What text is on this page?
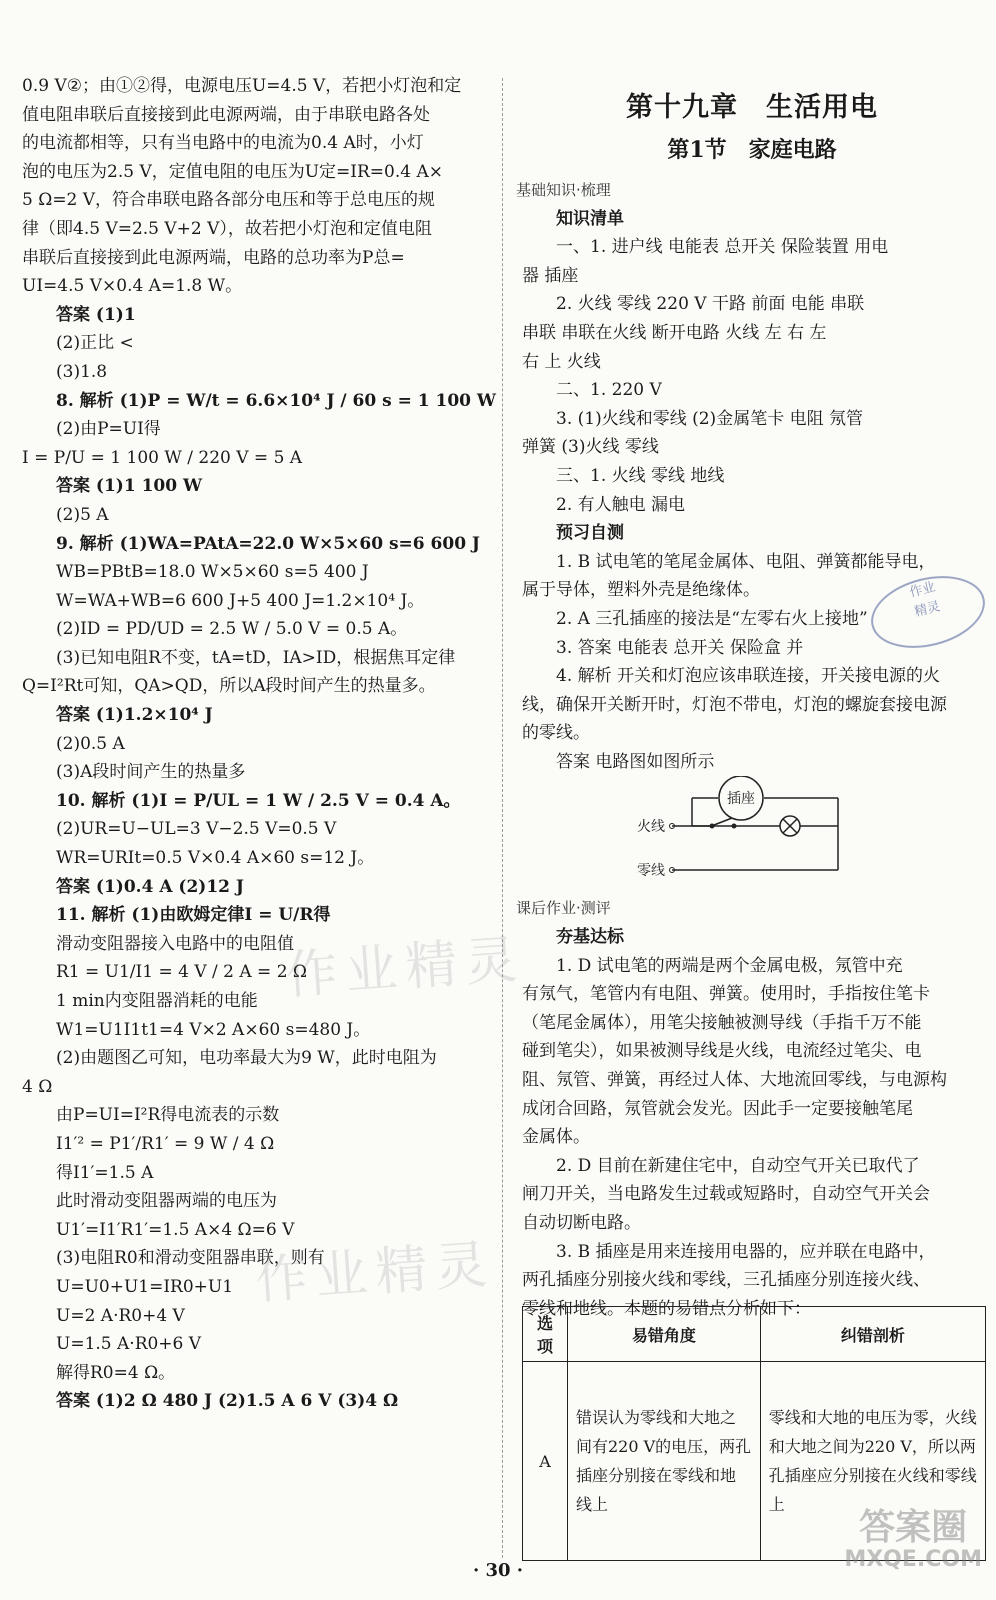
0.9 V②；由①②得，电源电压U=4.5 V，若把小灯泡和定
值电阻串联后直接接到此电源两端，由于串联电路各处
的电流都相等，只有当电路中的电流为0.4 A时，小灯
泡的电压为2.5 V，定值电阻的电压为U定=IR=0.4 A×
5 Ω=2 V，符合串联电路各部分电压和等于总电压的规
律（即4.5 V=2.5 V+2 V），故若把小灯泡和定值电阻
串联后直接接到此电源两端，电路的总功率为P总=
UI=4.5 V×0.4 A=1.8 W。
答案 (1)1
(2)正比 <
(3)1.8
8. 解析 (1)P = W/t = 6.6×10⁴ J / 60 s = 1 100 W
(2)由P=UI得
I = P/U = 1 100 W / 220 V = 5 A
答案 (1)1 100 W
(2)5 A
9. 解析 (1)WA=PAtA=22.0 W×5×60 s=6 600 J
WB=PBtB=18.0 W×5×60 s=5 400 J
W=WA+WB=6 600 J+5 400 J=1.2×10⁴ J。
(2)ID = PD/UD = 2.5 W / 5.0 V = 0.5 A。
(3)已知电阻R不变，tA=tD，IA>ID，根据焦耳定律
Q=I²Rt可知，QA>QD，所以A段时间产生的热量多。
答案 (1)1.2×10⁴ J
(2)0.5 A
(3)A段时间产生的热量多
10. 解析 (1)I = P/UL = 1 W / 2.5 V = 0.4 A。
(2)UR=U−UL=3 V−2.5 V=0.5 V
WR=URIt=0.5 V×0.4 A×60 s=12 J。
答案 (1)0.4 A (2)12 J
11. 解析 (1)由欧姆定律I = U/R得
滑动变阻器接入电路中的电阻值
R1 = U1/I1 = 4 V / 2 A = 2 Ω
1 min内变阻器消耗的电能
W1=U1I1t1=4 V×2 A×60 s=480 J。
(2)由题图乙可知，电功率最大为9 W，此时电阻为
4 Ω
由P=UI=I²R得电流表的示数
I1′² = P1′/R1′ = 9 W / 4 Ω
得I1′=1.5 A
此时滑动变阻器两端的电压为
U1′=I1′R1′=1.5 A×4 Ω=6 V
(3)电阻R0和滑动变阻器串联，则有
U=U0+U1=IR0+U1
U=2 A·R0+4 V
U=1.5 A·R0+6 V
解得R0=4 Ω。
答案 (1)2 Ω 480 J (2)1.5 A 6 V (3)4 Ω
第十九章　生活用电
第1节　家庭电路
基础知识·梳理
知识清单
一、1. 进户线 电能表 总开关 保险装置 用电
器 插座
2. 火线 零线 220 V 干路 前面 电能 串联
串联 串联在火线 断开电路 火线 左 右 左
右 上 火线
二、1. 220 V
3. (1)火线和零线 (2)金属笔卡 电阻 氖管
弹簧 (3)火线 零线
三、1. 火线 零线 地线
2. 有人触电 漏电
预习自测
1. B 试电笔的笔尾金属体、电阻、弹簧都能导电，
属于导体，塑料外壳是绝缘体。
2. A 三孔插座的接法是“左零右火上接地”
3. 答案 电能表 总开关 保险盒 并
4. 解析 开关和灯泡应该串联连接，开关接电源的火
线，确保开关断开时，灯泡不带电，灯泡的螺旋套接电源
的零线。
答案 电路图如图所示
插座
火线
零线
课后作业·测评
夯基达标
1. D 试电笔的两端是两个金属电极，氖管中充
有氖气，笔管内有电阻、弹簧。使用时，手指按住笔卡
（笔尾金属体），用笔尖接触被测导线（手指千万不能
碰到笔尖），如果被测导线是火线，电流经过笔尖、电
阻、氖管、弹簧，再经过人体、大地流回零线，与电源构
成闭合回路，氖管就会发光。因此手一定要接触笔尾
金属体。
2. D 目前在新建住宅中，自动空气开关已取代了
闸刀开关，当电路发生过载或短路时，自动空气开关会
自动切断电路。
3. B 插座是用来连接用电器的，应并联在电路中，
两孔插座分别接火线和零线，三孔插座分别连接火线、
零线和地线。本题的易错点分析如下：
选项	易错角度	纠错剖析
A	错误认为零线和大地之间有220 V的电压，两孔插座分别接在零线和地线上	零线和大地的电压为零，火线和大地之间为220 V，所以两孔插座应分别接在火线和零线上
作业精灵
作业精灵
作业
精灵
· 30 ·
答案圈
MXQE.COM
